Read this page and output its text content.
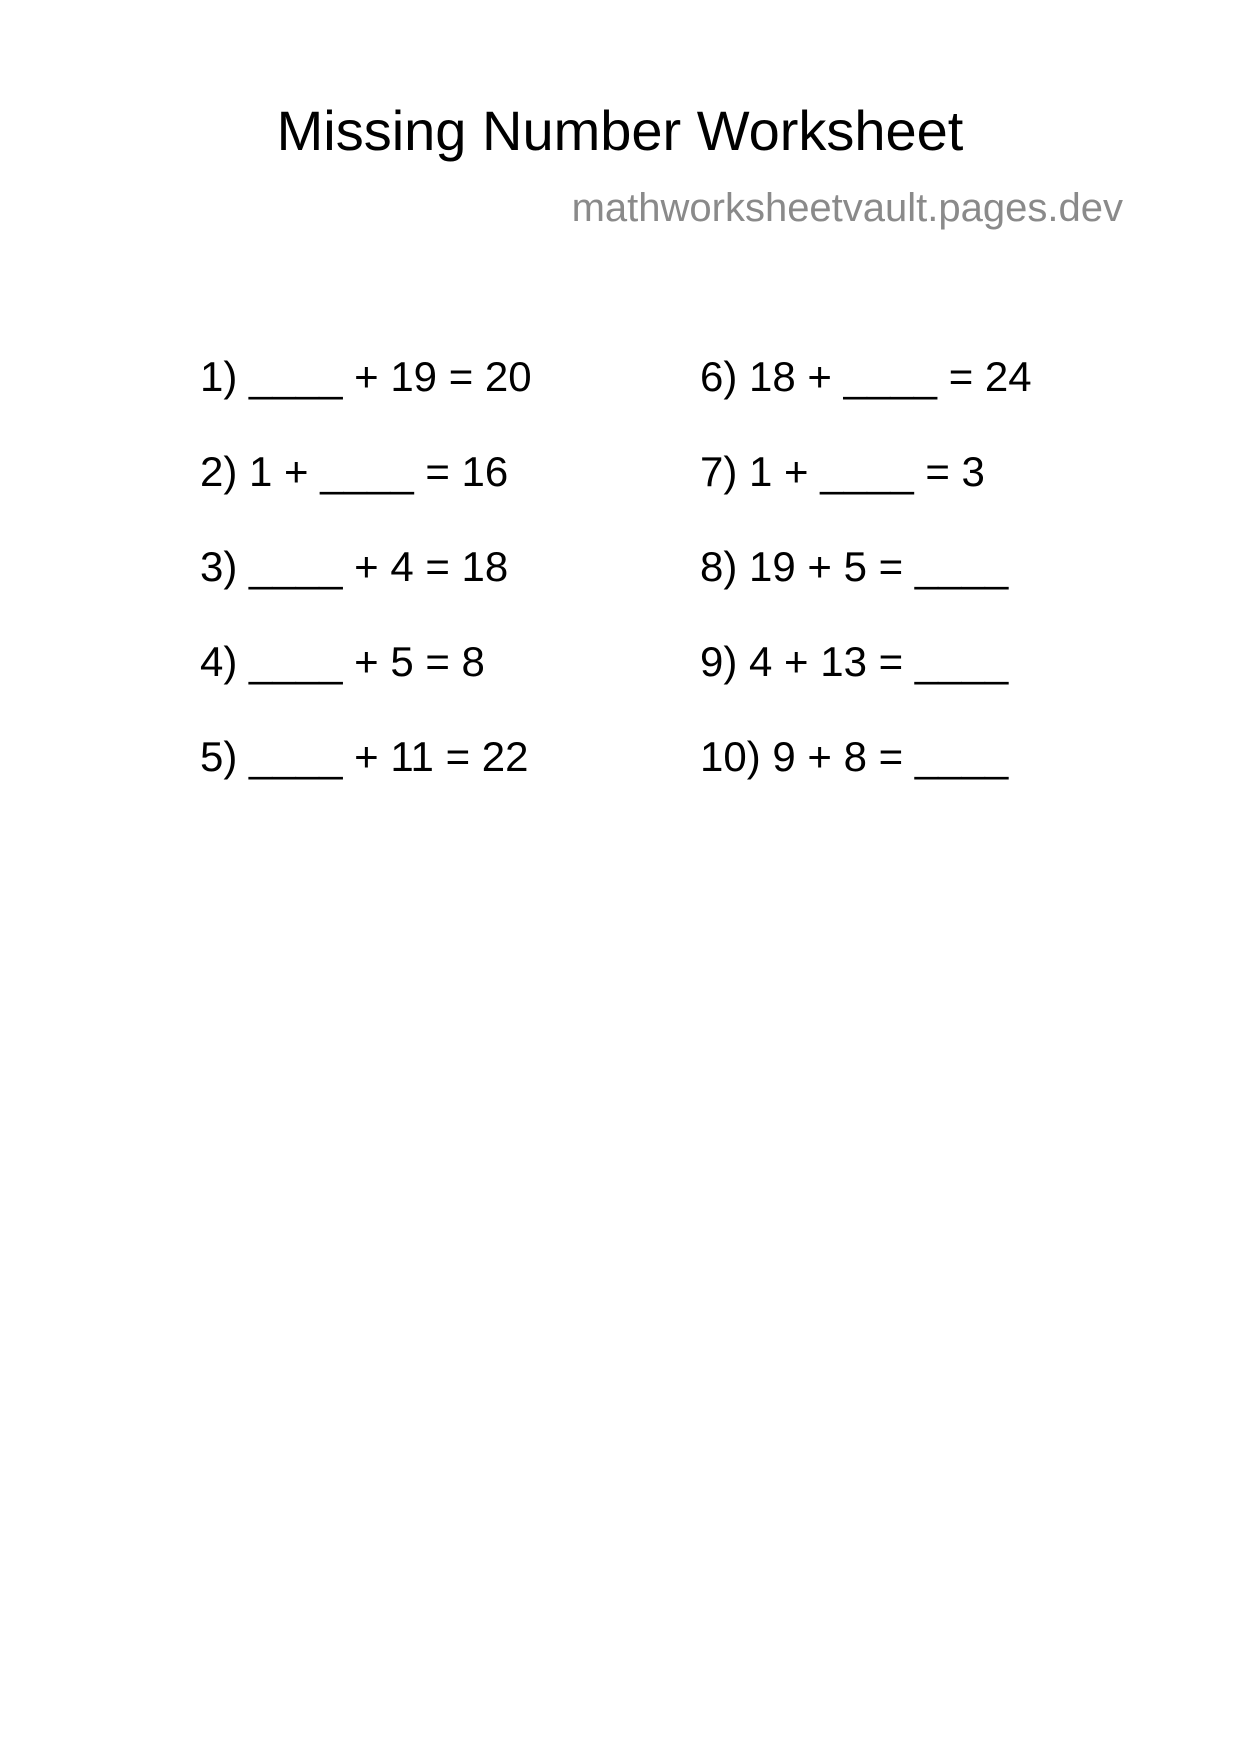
Missing Number Worksheet
mathworksheetvault.pages.dev
1) ____ + 19 = 20
2) 1 + ____ = 16
3) ____ + 4 = 18
4) ____ + 5 = 8
5) ____ + 11 = 22
6) 18 + ____ = 24
7) 1 + ____ = 3
8) 19 + 5 = ____
9) 4 + 13 = ____
10) 9 + 8 = ____
